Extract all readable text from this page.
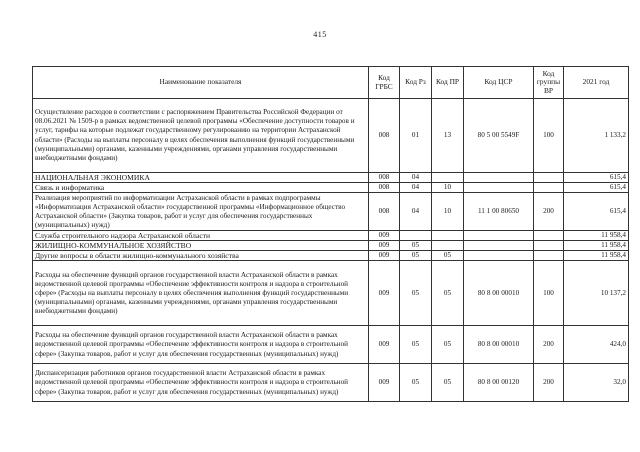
415
Наименование показателя	Код ГРБС	Код Рз	Код ПР	Код ЦСР	Код группы ВР	2021 год
Осуществление расходов в соответствии с распоряжением Правительства Российской Федерации от 08.06.2021 № 1509-р в рамках ведомственной целевой программы «Обеспечение доступности товаров и услуг, тарифы на которые подлежат государственному регулированию на территории Астраханской области» (Расходы на выплаты персоналу в целях обеспечения выполнения функций государственными (муниципальными) органами, казенными учреждениями, органами управления государственными внебюджетными фондами)	008	01	13	80 5 00 5549F	100	1 133,2
НАЦИОНАЛЬНАЯ ЭКОНОМИКА	008	04				615,4
Связь и информатика	008	04	10			615,4
Реализация мероприятий по информатизации Астраханской области в рамках подпрограммы «Информатизация Астраханской области» государственной программы «Информационное общество Астраханской области» (Закупка товаров, работ и услуг для обеспечения государственных (муниципальных) нужд)	008	04	10	11 1 00 80650	200	615,4
Служба строительного надзора Астраханской области	009					11 958,4
ЖИЛИЩНО-КОММУНАЛЬНОЕ ХОЗЯЙСТВО	009	05				11 958,4
Другие вопросы в области жилищно-коммунального хозяйства	009	05	05			11 958,4
Расходы на обеспечение функций органов государственной власти Астраханской области в рамках ведомственной целевой программы «Обеспечение эффективности контроля и надзора в строительной сфере» (Расходы на выплаты персоналу в целях обеспечения выполнения функций государственными (муниципальными) органами, казенными учреждениями, органами управления государственными внебюджетными фондами)	009	05	05	80 8 00 00010	100	10 137,2
Расходы на обеспечение функций органов государственной власти Астраханской области в рамках ведомственной целевой программы «Обеспечение эффективности контроля и надзора в строительной сфере» (Закупка товаров, работ и услуг для обеспечения государственных (муниципальных) нужд)	009	05	05	80 8 00 00010	200	424,0
Диспансеризация работников органов государственной власти Астраханской области в рамках ведомственной целевой программы «Обеспечение эффективности контроля и надзора в строительной сфере» (Закупка товаров, работ и услуг для обеспечения государственных (муниципальных) нужд)	009	05	05	80 8 00 00120	200	32,0
